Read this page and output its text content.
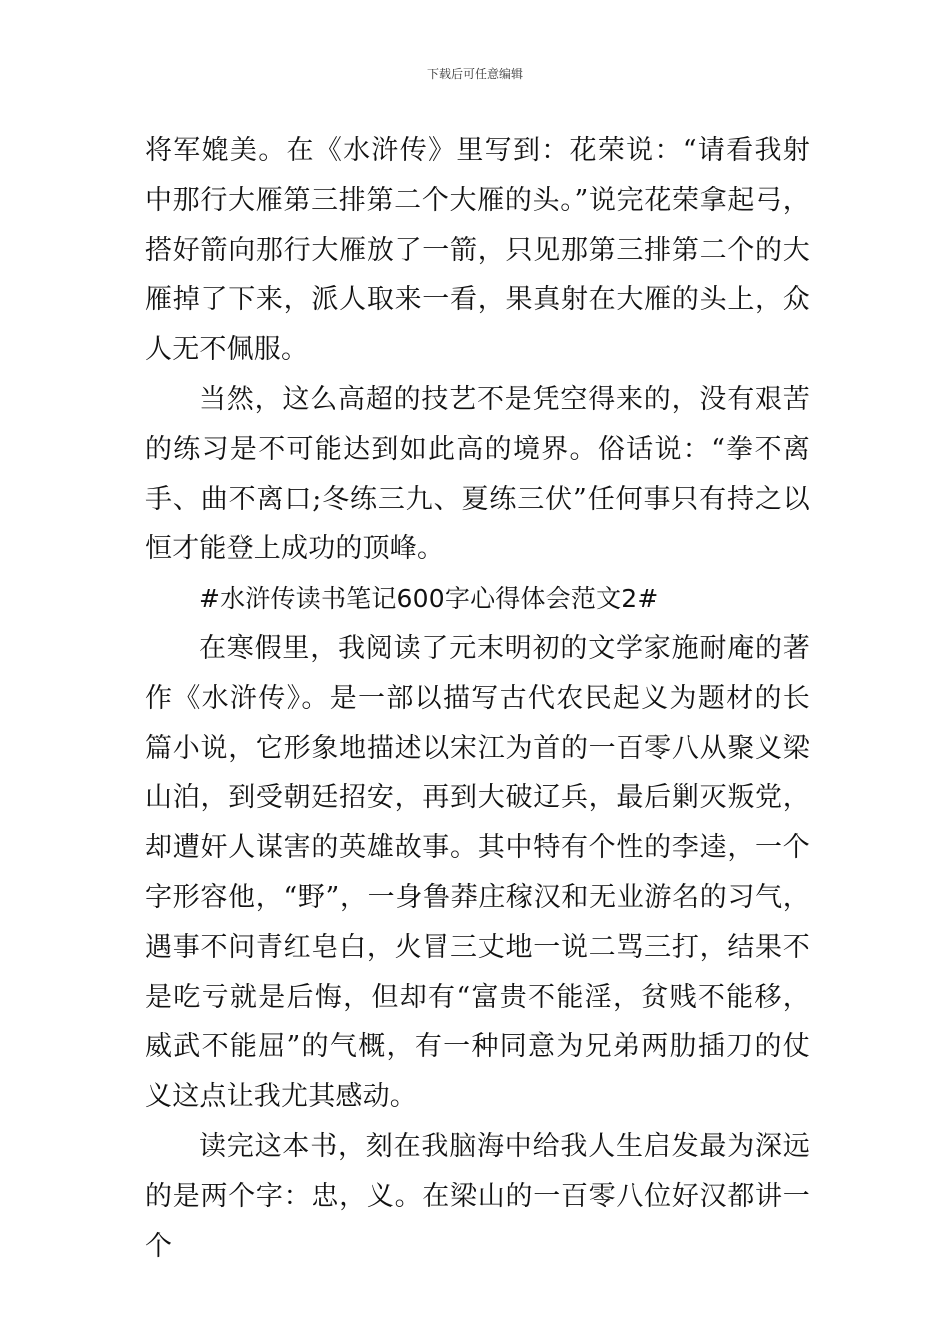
下载后可任意编辑

将军媲美。在《水浒传》里写到：花荣说：“请看我射中那行大雁第三排第二个大雁的头。”说完花荣拿起弓，搭好箭向那行大雁放了一箭，只见那第三排第二个的大雁掉了下来，派人取来一看，果真射在大雁的头上，众人无不佩服。

当然，这么高超的技艺不是凭空得来的，没有艰苦的练习是不可能达到如此高的境界。俗话说：“拳不离手、曲不离口;冬练三九、夏练三伏”任何事只有持之以恒才能登上成功的顶峰。

#水浒传读书笔记600字心得体会范文2#

在寒假里，我阅读了元末明初的文学家施耐庵的著作《水浒传》。是一部以描写古代农民起义为题材的长篇小说，它形象地描述以宋江为首的一百零八从聚义梁山泊，到受朝廷招安，再到大破辽兵，最后剿灭叛党，却遭奸人谋害的英雄故事。其中特有个性的李逵，一个字形容他，“野”，一身鲁莽庄稼汉和无业游名的习气，遇事不问青红皂白，火冒三丈地一说二骂三打，结果不是吃亏就是后悔，但却有“富贵不能淫，贫贱不能移，威武不能屈”的气概，有一种同意为兄弟两肋插刀的仗义这点让我尤其感动。

读完这本书，刻在我脑海中给我人生启发最为深远的是两个字：忠，义。在梁山的一百零八位好汉都讲一个
